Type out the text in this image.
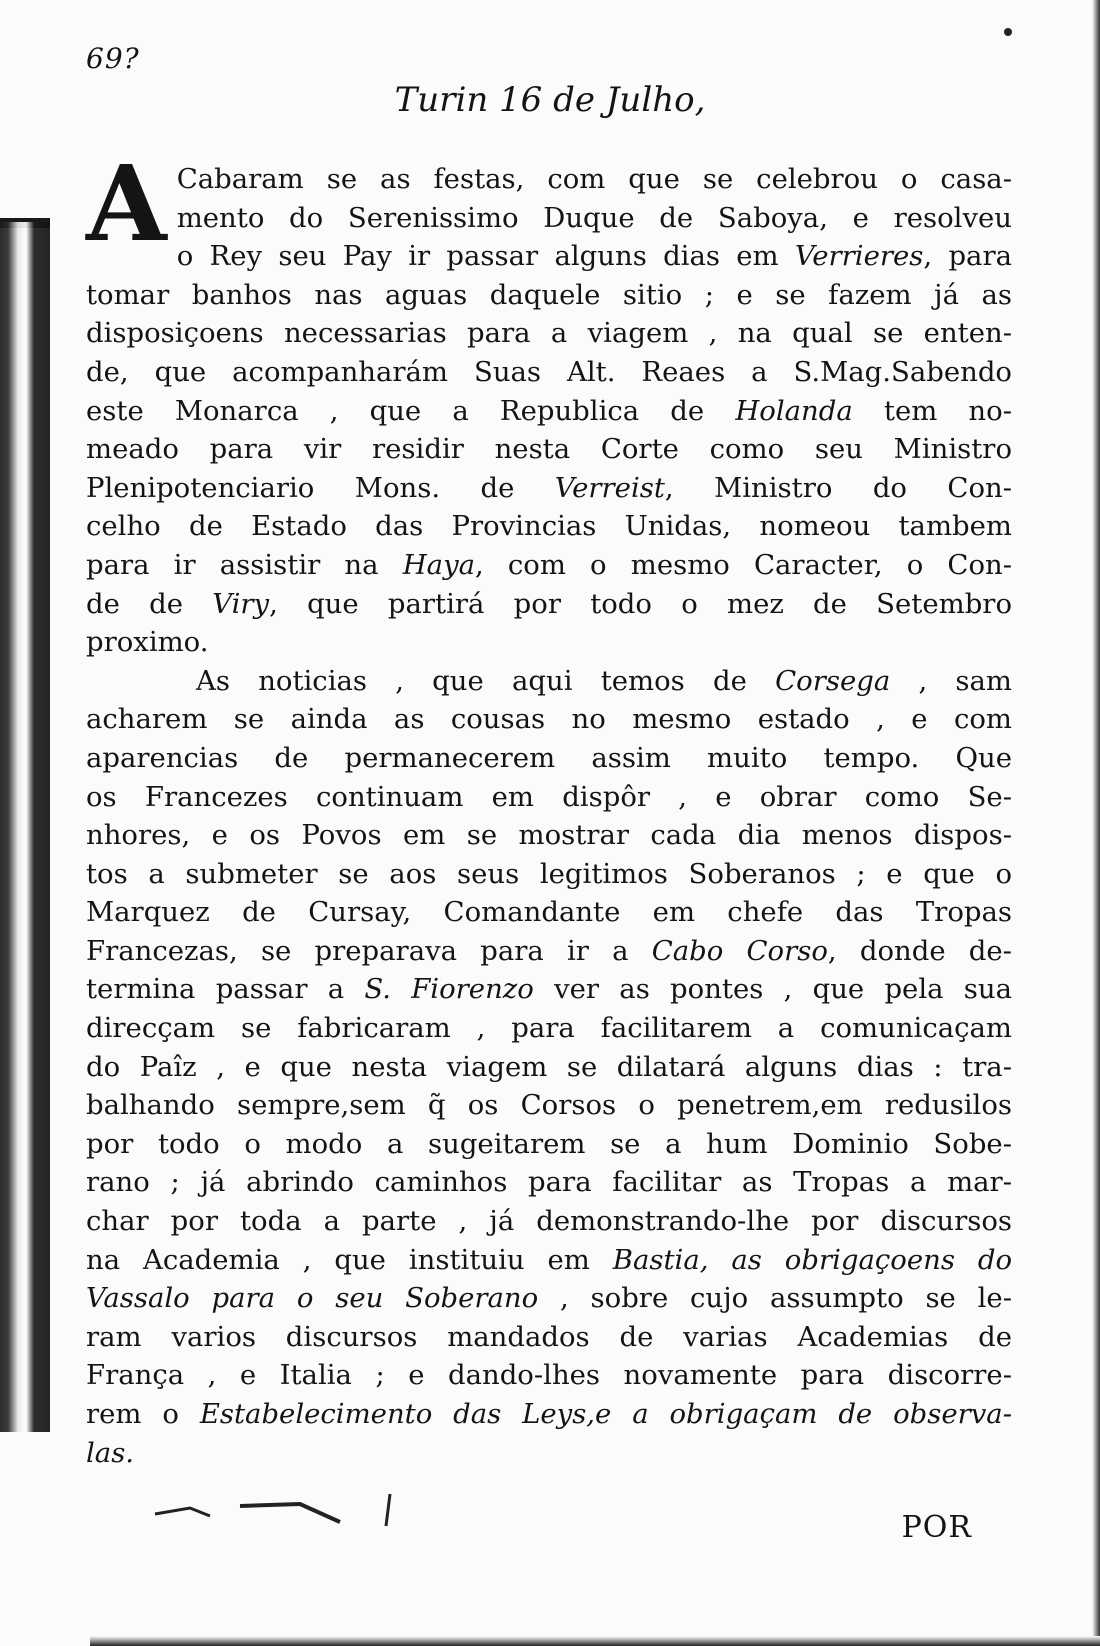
69?
Turin 16 de Julho,
A Cabaram se as festas, com que se celebrou o casa-
mento do Serenissimo Duque de Saboya, e resolveu
o Rey seu Pay ir passar alguns dias em Verrieres, para
tomar banhos nas aguas daquele sitio ; e se fazem já as
disposiçoens necessarias para a viagem , na qual se enten-
de, que acompanharám Suas Alt. Reaes a S.Mag.Sabendo
este Monarca , que a Republica de Holanda tem no-
meado para vir residir nesta Corte como seu Ministro
Plenipotenciario Mons. de Verreist, Ministro do Con-
celho de Estado das Provincias Unidas, nomeou tambem
para ir assistir na Haya, com o mesmo Caracter, o Con-
de de Viry, que partirá por todo o mez de Setembro
proximo.
As noticias , que aqui temos de Corsega , sam
acharem se ainda as cousas no mesmo estado , e com
aparencias de permanecerem assim muito tempo. Que
os Francezes continuam em dispôr , e obrar como Se-
nhores, e os Povos em se mostrar cada dia menos dispos-
tos a submeter se aos seus legitimos Soberanos ; e que o
Marquez de Cursay, Comandante em chefe das Tropas
Francezas, se preparava para ir a Cabo Corso, donde de-
termina passar a S. Fiorenzo ver as pontes , que pela sua
direcçam se fabricaram , para facilitarem a comunicaçam
do Paîz , e que nesta viagem se dilatará alguns dias : tra-
balhando sempre,sem q̃ os Corsos o penetrem,em redusilos
por todo o modo a sugeitarem se a hum Dominio Sobe-
rano ; já abrindo caminhos para facilitar as Tropas a mar-
char por toda a parte , já demonstrando-lhe por discursos
na Academia , que instituiu em Bastia, as obrigaçoens do
Vassalo para o seu Soberano , sobre cujo assumpto se le-
ram varios discursos mandados de varias Academias de
França , e Italia ; e dando-lhes novamente para discorre-
rem o Estabelecimento das Leys,e a obrigaçam de observa-
las.
POR
